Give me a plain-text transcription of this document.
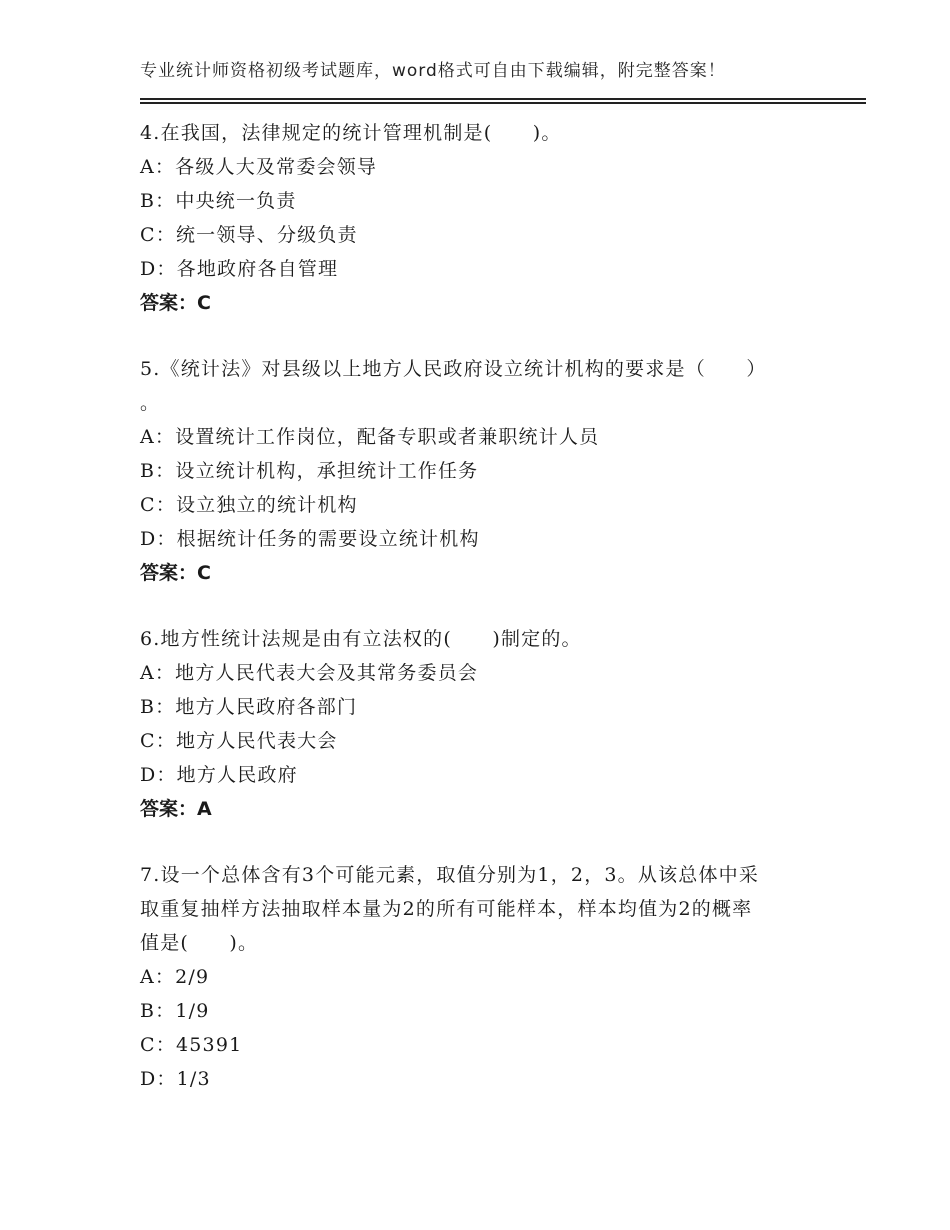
专业统计师资格初级考试题库，word格式可自由下载编辑，附完整答案！
4.在我国，法律规定的统计管理机制是(　　)。
A：各级人大及常委会领导
B：中央统一负责
C：统一领导、分级负责
D：各地政府各自管理
答案：C
5.《统计法》对县级以上地方人民政府设立统计机构的要求是（　　）
。
A：设置统计工作岗位，配备专职或者兼职统计人员
B：设立统计机构，承担统计工作任务
C：设立独立的统计机构
D：根据统计任务的需要设立统计机构
答案：C
6.地方性统计法规是由有立法权的(　　)制定的。
A：地方人民代表大会及其常务委员会
B：地方人民政府各部门
C：地方人民代表大会
D：地方人民政府
答案：A
7.设一个总体含有3个可能元素，取值分别为1，2，3。从该总体中采
取重复抽样方法抽取样本量为2的所有可能样本，样本均值为2的概率
值是(　　)。
A：2/9
B：1/9
C：45391
D：1/3
